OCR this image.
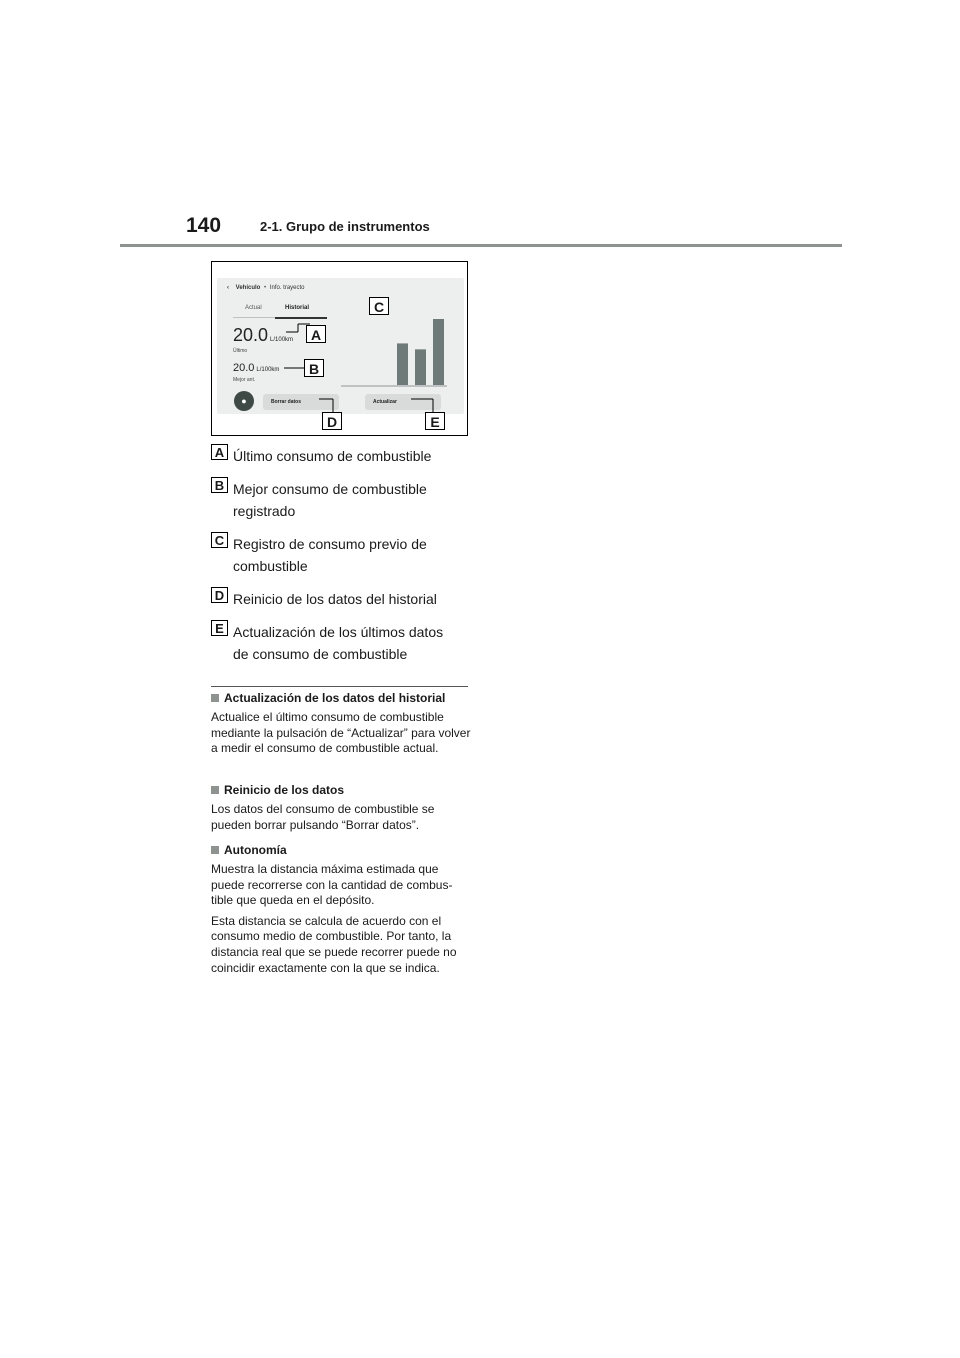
140	2-1. Grupo de instrumentos
‹ Vehículo • Info. trayecto
Actual	Historial
20.0 L/100km
Último
20.0 L/100km
Mejor ant.
●	Borrar datos	Actualizar
C
A
B
D	E
A Último consumo de combustible
B Mejor consumo de combustible registrado
C Registro de consumo previo de combustible
D Reinicio de los datos del historial
E Actualización de los últimos datos de consumo de combustible
Actualización de los datos del historial

Actualice el último consumo de combustible mediante la pulsación de “Actualizar” para volver a medir el consumo de combustible actual.

Reinicio de los datos

Los datos del consumo de combustible se pueden borrar pulsando “Borrar datos”.

Autonomía

Muestra la distancia máxima estimada que puede recorrerse con la cantidad de combus-tible que queda en el depósito.

Esta distancia se calcula de acuerdo con el consumo medio de combustible. Por tanto, la distancia real que se puede recorrer puede no coincidir exactamente con la que se indica.
